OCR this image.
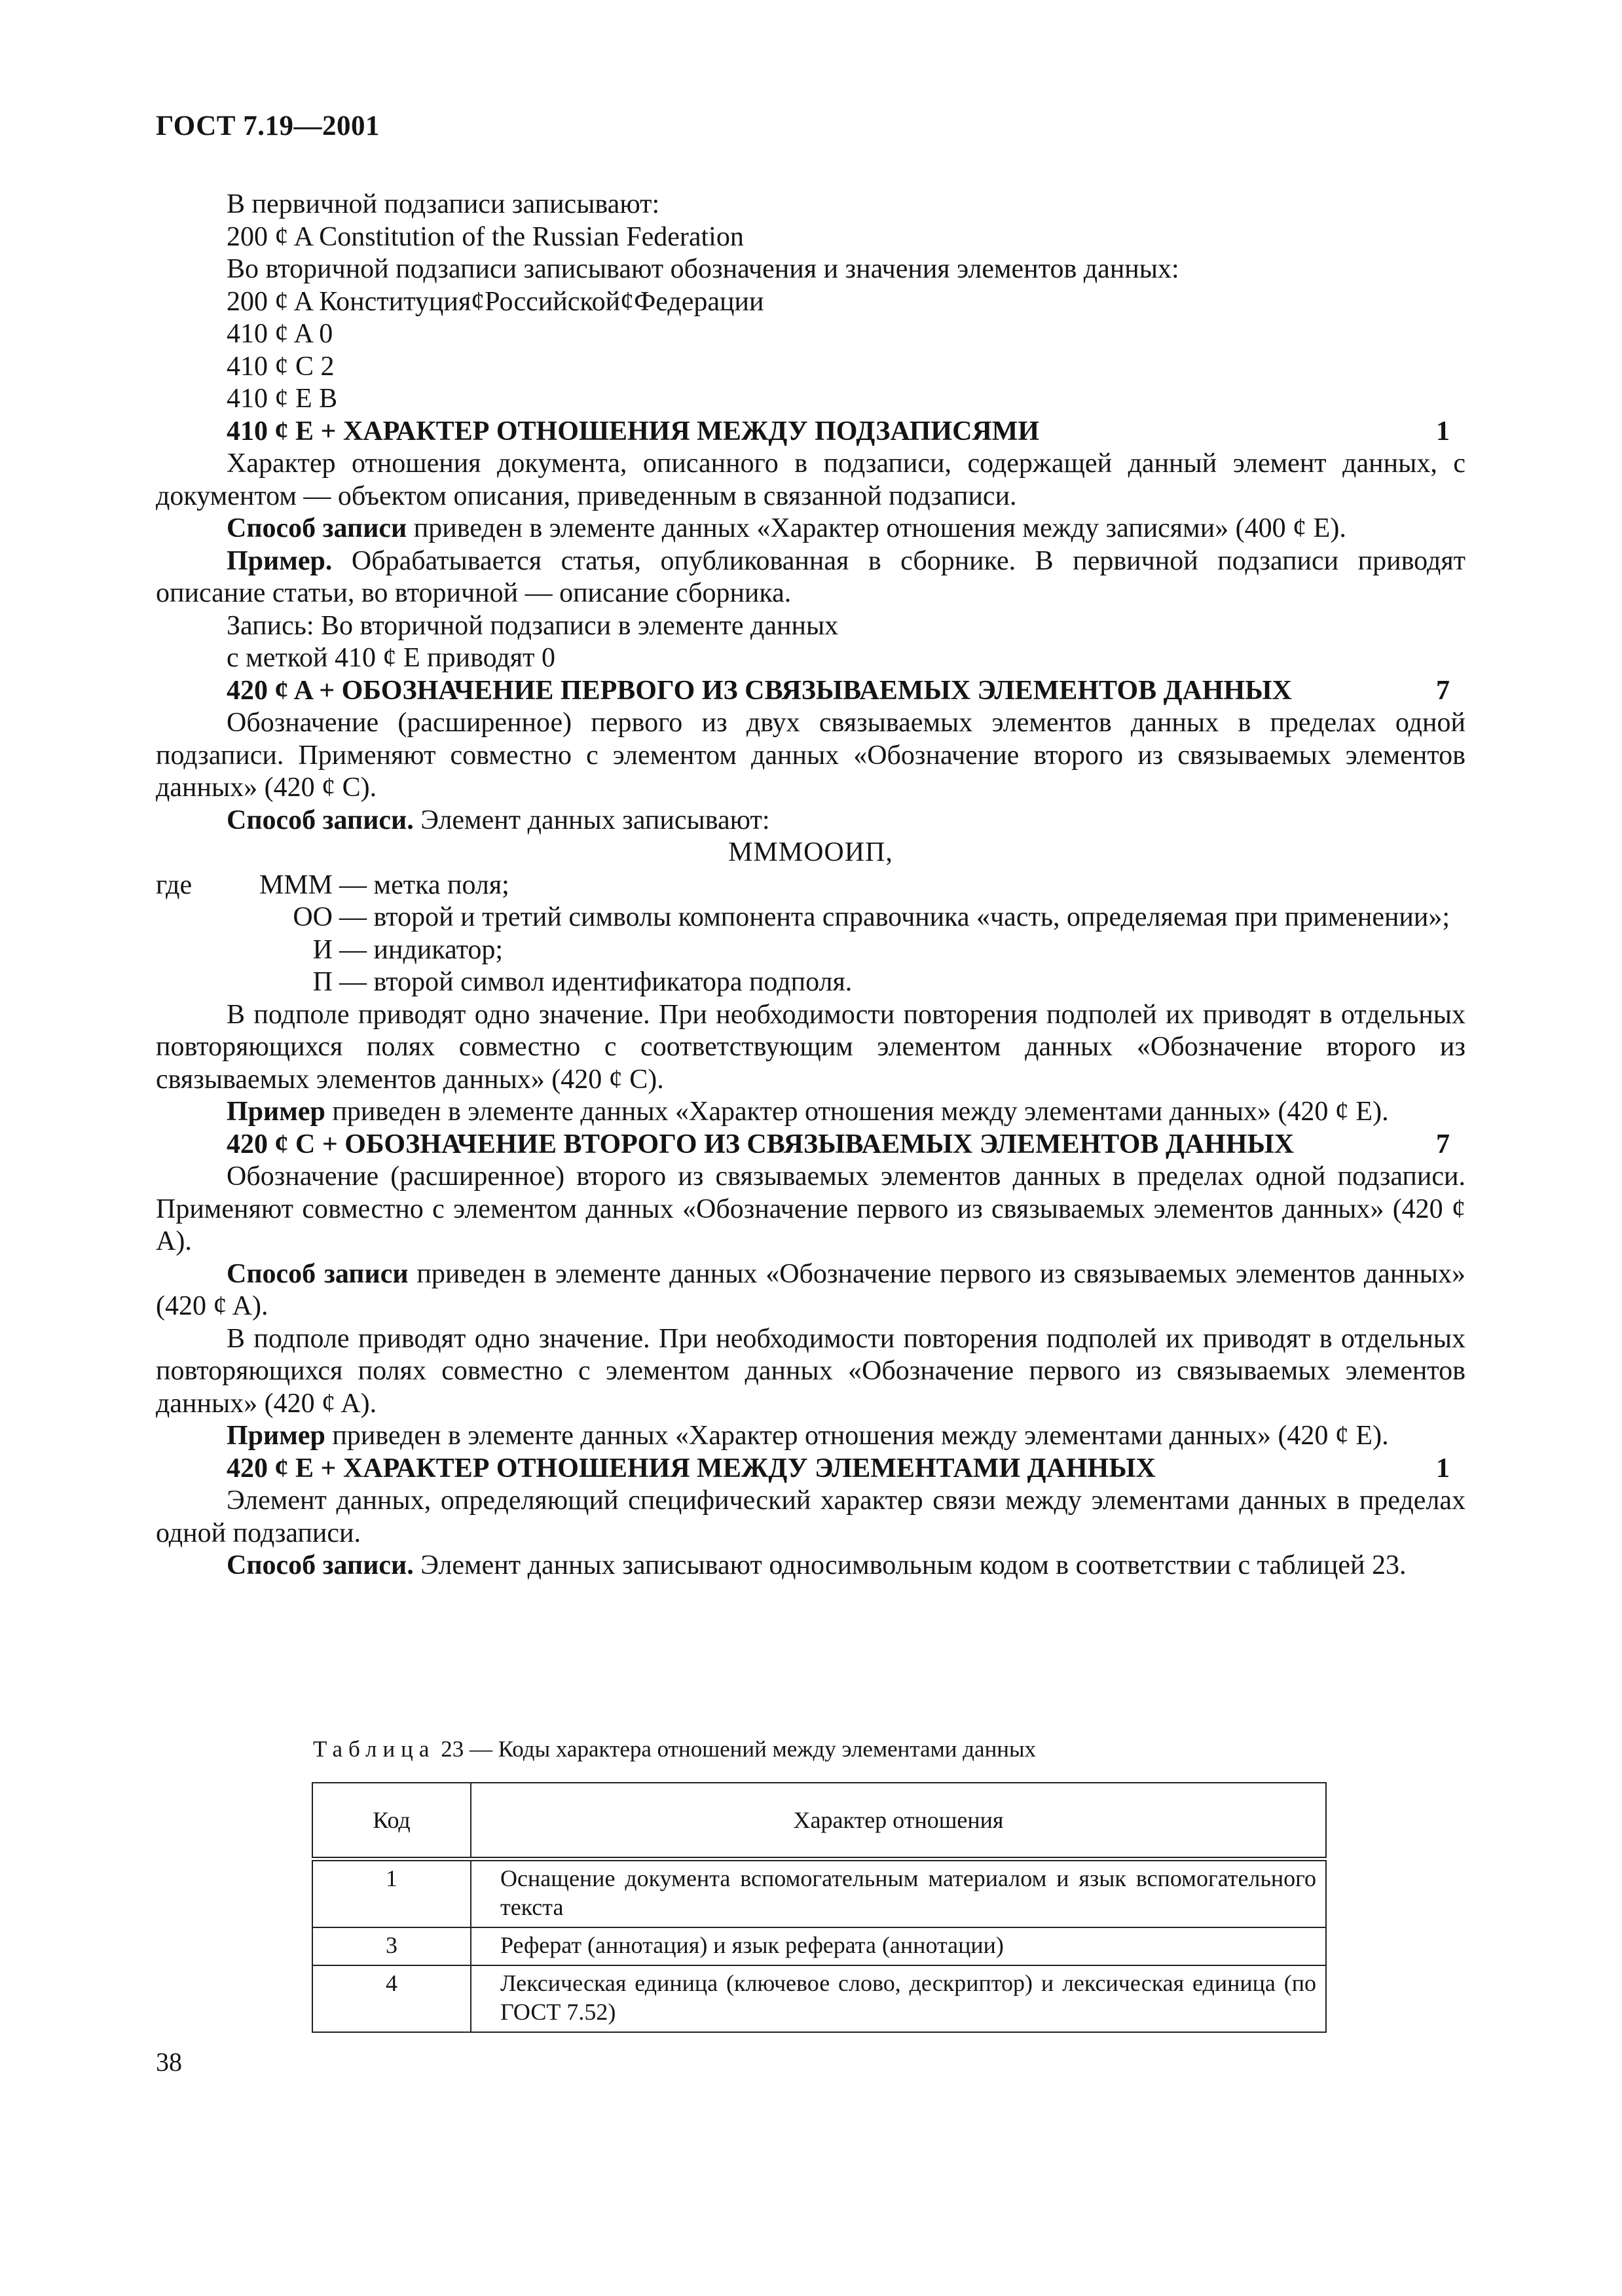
ГОСТ 7.19—2001

В первичной подзаписи записывают:

200 ȼ A Constitution of the Russian Federation

Во вторичной подзаписи записывают обозначения и значения элементов данных:

200 ȼ A КонституцияȼРоссийскойȼФедерации

410 ȼ A 0

410 ȼ C 2

410 ȼ E B

410 ȼ E + ХАРАКТЕР ОТНОШЕНИЯ МЕЖДУ ПОДЗАПИСЯМИ	1

Характер отношения документа, описанного в подзаписи, содержащей данный элемент данных, с документом — объектом описания, приведенным в связанной подзаписи.

Способ записи приведен в элементе данных «Характер отношения между записями» (400 ȼ E).

Пример. Обрабатывается статья, опубликованная в сборнике. В первичной подзаписи приводят описание статьи, во вторичной — описание сборника.

Запись: Во вторичной подзаписи в элементе данных

с меткой 410 ȼ E приводят 0

420 ȼ A + ОБОЗНАЧЕНИЕ ПЕРВОГО ИЗ СВЯЗЫВАЕМЫХ ЭЛЕМЕНТОВ ДАННЫХ	7

Обозначение (расширенное) первого из двух связываемых элементов данных в пределах одной подзаписи. Применяют совместно с элементом данных «Обозначение второго из связываемых элементов данных» (420 ȼ C).

Способ записи. Элемент данных записывают:

МММООИП,

где	МММ — метка поля;
ОО — второй и третий символы компонента справочника «часть, определяемая при применении»;
И — индикатор;
П — второй символ идентификатора подполя.

В подполе приводят одно значение. При необходимости повторения подполей их приводят в отдельных повторяющихся полях совместно с соответствующим элементом данных «Обозначение второго из связываемых элементов данных» (420 ȼ C).

Пример приведен в элементе данных «Характер отношения между элементами данных» (420 ȼ E).

420 ȼ C + ОБОЗНАЧЕНИЕ ВТОРОГО ИЗ СВЯЗЫВАЕМЫХ ЭЛЕМЕНТОВ ДАННЫХ	7

Обозначение (расширенное) второго из связываемых элементов данных в пределах одной подзаписи. Применяют совместно с элементом данных «Обозначение первого из связываемых элементов данных» (420 ȼ A).

Способ записи приведен в элементе данных «Обозначение первого из связываемых элементов данных» (420 ȼ A).

В подполе приводят одно значение. При необходимости повторения подполей их приводят в отдельных повторяющихся полях совместно с элементом данных «Обозначение первого из связываемых элементов данных» (420 ȼ A).

Пример приведен в элементе данных «Характер отношения между элементами данных» (420 ȼ E).

420 ȼ E + ХАРАКТЕР ОТНОШЕНИЯ МЕЖДУ ЭЛЕМЕНТАМИ ДАННЫХ	1

Элемент данных, определяющий специфический характер связи между элементами данных в пределах одной подзаписи.

Способ записи. Элемент данных записывают односимвольным кодом в соответствии с таблицей 23.

Таблица 23 — Коды характера отношений между элементами данных
Код	Характер отношения
1	Оснащение документа вспомогательным материалом и язык вспомогательного текста
3	Реферат (аннотация) и язык реферата (аннотации)
4	Лексическая единица (ключевое слово, дескриптор) и лексическая единица (по ГОСТ 7.52)
38
